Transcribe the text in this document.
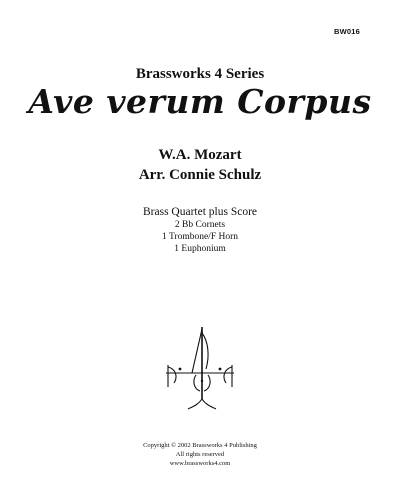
BW016
Brassworks 4 Series
Ave verum Corpus
W.A. Mozart
Arr. Connie Schulz
Brass Quartet plus Score
2 Bb Cornets
1 Trombone/F Horn
1 Euphonium
Copyright © 2002 Brassworks 4 Publishing
All rights reserved
www.brassworks4.com
